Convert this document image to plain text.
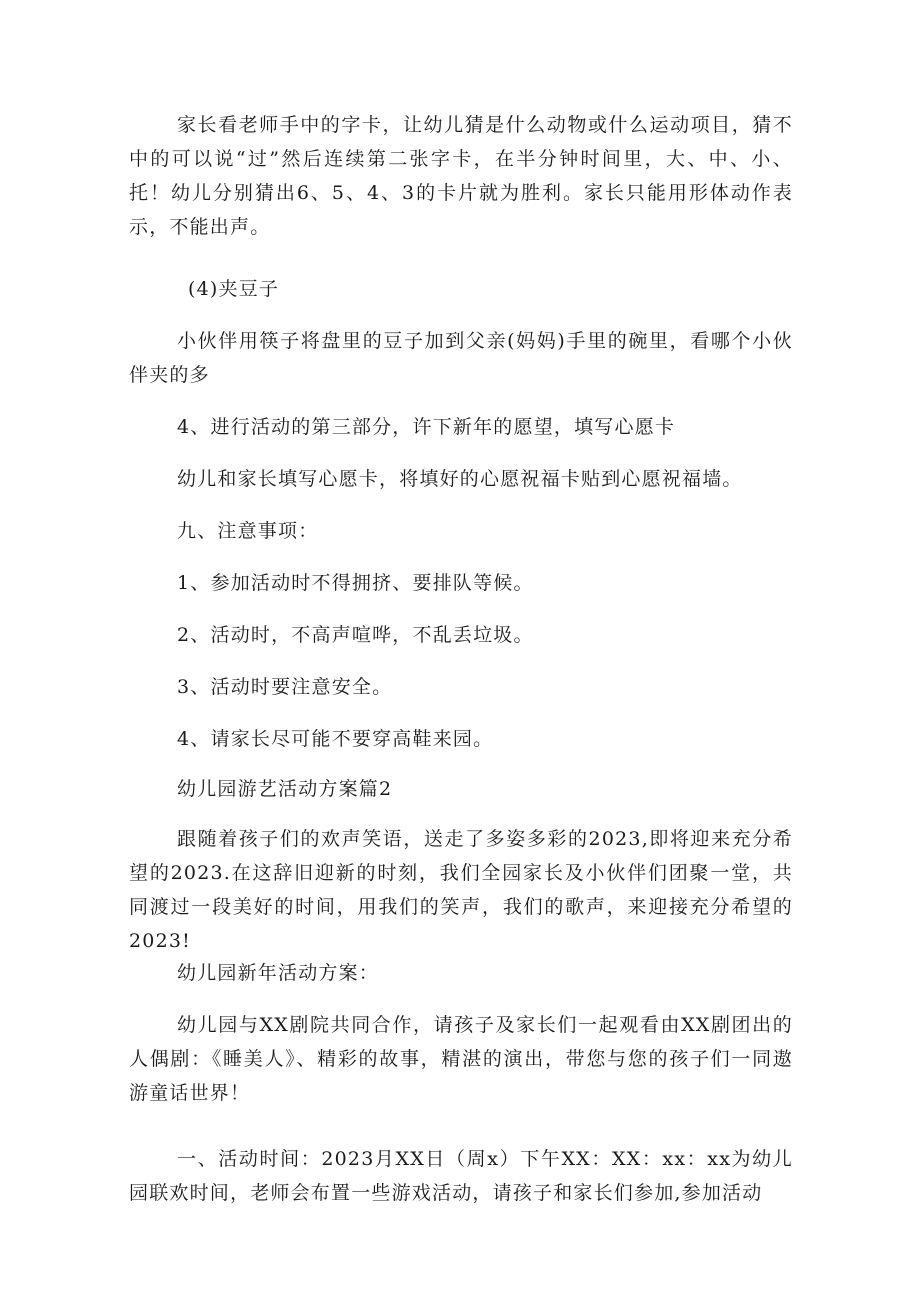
家长看老师手中的字卡，让幼儿猜是什么动物或什么运动项目，猜不中的可以说“过”然后连续第二张字卡，在半分钟时间里，大、中、小、托！幼儿分别猜出6、5、4、3的卡片就为胜利。家长只能用形体动作表示，不能出声。

(4)夹豆子

小伙伴用筷子将盘里的豆子加到父亲(妈妈)手里的碗里，看哪个小伙伴夹的多

4、进行活动的第三部分，许下新年的愿望，填写心愿卡

幼儿和家长填写心愿卡，将填好的心愿祝福卡贴到心愿祝福墙。

九、注意事项：

1、参加活动时不得拥挤、要排队等候。

2、活动时，不高声喧哗，不乱丢垃圾。

3、活动时要注意安全。

4、请家长尽可能不要穿高鞋来园。

幼儿园游艺活动方案篇2

跟随着孩子们的欢声笑语，送走了多姿多彩的2023,即将迎来充分希望的2023.在这辞旧迎新的时刻，我们全园家长及小伙伴们团聚一堂，共同渡过一段美好的时间，用我们的笑声，我们的歌声，来迎接充分希望的2023!

幼儿园新年活动方案：

幼儿园与XX剧院共同合作，请孩子及家长们一起观看由XX剧团出的人偶剧：《睡美人》、精彩的故事，精湛的演出，带您与您的孩子们一同遨游童话世界！

一、活动时间：2023月XX日（周x）下午XX：XX：xx：xx为幼儿园联欢时间，老师会布置一些游戏活动，请孩子和家长们参加,参加活动
